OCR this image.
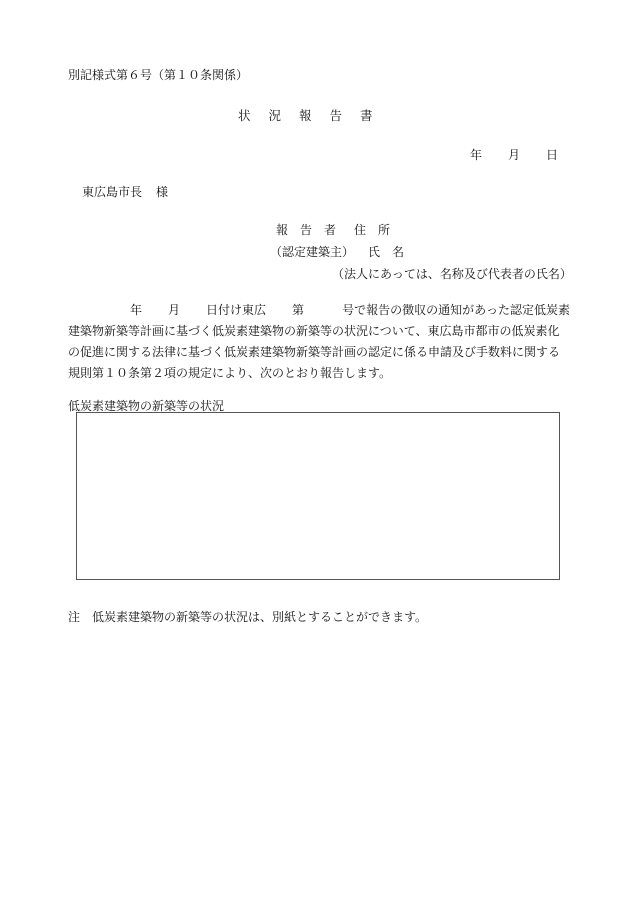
別記様式第６号（第１０条関係）
状況報告書
年 月 日
東広島市長 様
報告者 住所
（認定建築主） 氏名
（法人にあっては、名称及び代表者の氏名）
年 月 日付け東広 第	号で報告の徴収の通知があった認定低炭素
建築物新築等計画に基づく低炭素建築物の新築等の状況について、東広島市都市の低炭素化
の促進に関する法律に基づく低炭素建築物新築等計画の認定に係る申請及び手数料に関する
規則第１０条第２項の規定により、次のとおり報告します。
低炭素建築物の新築等の状況
注　低炭素建築物の新築等の状況は、別紙とすることができます。
